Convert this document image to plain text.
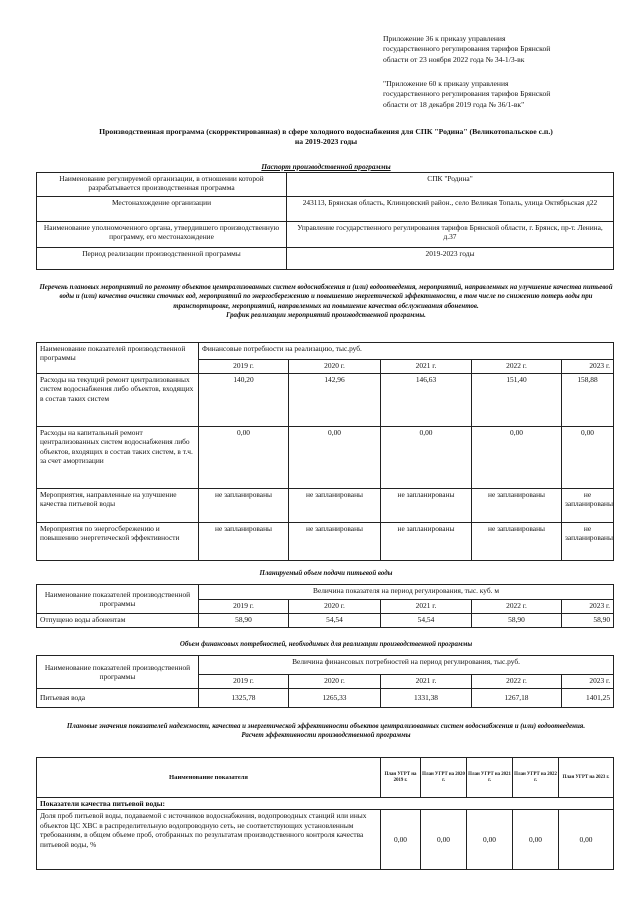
Приложение 36 к приказу управления
государственного регулирования тарифов Брянской
области от 23 ноября 2022 года № 34-1/3-вк
"Приложение 60 к приказу управления
государственного регулирования тарифов Брянской
области от 18 декабря 2019 года № 36/1-вк"
Производственная программа (скорректированная) в сфере холодного водоснабжения для СПК "Родина" (Великотопальское с.п.)
на 2019-2023 годы
Паспорт производственной программы
Наименование регулируемой организации, в отношении которой разрабатывается производственная программа	СПК "Родина"
Местонахождение организации	243113, Брянская область, Клинцовский район., село Великая Топаль, улица Октябрьская д22
Наименование уполномоченного органа, утвердившего производственную программу, его местонахождение	Управление государственного регулирования тарифов Брянской области, г. Брянск, пр-т. Ленина, д.37
Период реализации производственной программы	2019-2023 годы
Перечень плановых мероприятий по ремонту объектов централизованных систем водоснабжения и (или) водоотведения, мероприятий, направленных на улучшение качества питьевой воды и (или) качества очистки сточных вод, мероприятий по энергосбережению и повышению энергетической эффективности, в том числе по снижению потерь воды при транспортировке, мероприятий, направленных на повышение качества обслуживания абонентов.
График реализации мероприятий производственной программы.
Наименование показателей производственной программы	Финансовые потребности на реализацию, тыс.руб.				
	2019 г.	2020 г.	2021 г.	2022 г.	2023 г.
Расходы на текущий ремонт централизованных систем водоснабжения либо объектов, входящих в состав таких систем	140,20	142,96	146,63	151,40	158,88
Расходы на капитальный ремонт централизованных систем водоснабжения либо объектов, входящих в состав таких систем, в т.ч. за счет амортизации	0,00	0,00	0,00	0,00	0,00
Мероприятия, направленные на улучшение качества питьевой воды	не запланированы	не запланированы	не запланированы	не запланированы	не запланированы
Мероприятия по энергосбережению и повышению энергетической эффективности	не запланированы	не запланированы	не запланированы	не запланированы	не запланированы
Планируемый объем подачи питьевой воды
Наименование показателей производственной программы	Величина показателя на период регулирования, тыс. куб. м				
	2019 г.	2020 г.	2021 г.	2022 г.	2023 г.
Отпущено воды абонентам	58,90	54,54	54,54	58,90	58,90
Объем финансовых потребностей, необходимых для реализации производственной программы
Наименование показателей производственной программы	Величина финансовых потребностей на период регулирования, тыс.руб.				
	2019 г.	2020 г.	2021 г.	2022 г.	2023 г.
Питьевая вода	1325,78	1265,33	1331,38	1267,18	1401,25
Плановые значения показателей надежности, качества и энергетической эффективности объектов централизованных систем водоснабжения и (или) водоотведения.
Расчет эффективности производственной программы
Наименование показателя	План УГРТ на 2019 г.	План УГРТ на 2020 г.	План УГРТ на 2021 г.	План УГРТ на 2022 г.	План УГРТ на 2023 г.
Показатели качества питьевой воды:					
Доля проб питьевой воды, подаваемой с источников водоснабжения, водопроводных станций или иных объектов ЦС ХВС в распределительную водопроводную сеть, не соответствующих установленным требованиям, в общем объеме проб, отобранных по результатам производственного контроля качества питьевой воды, %	0,00	0,00	0,00	0,00	0,00
